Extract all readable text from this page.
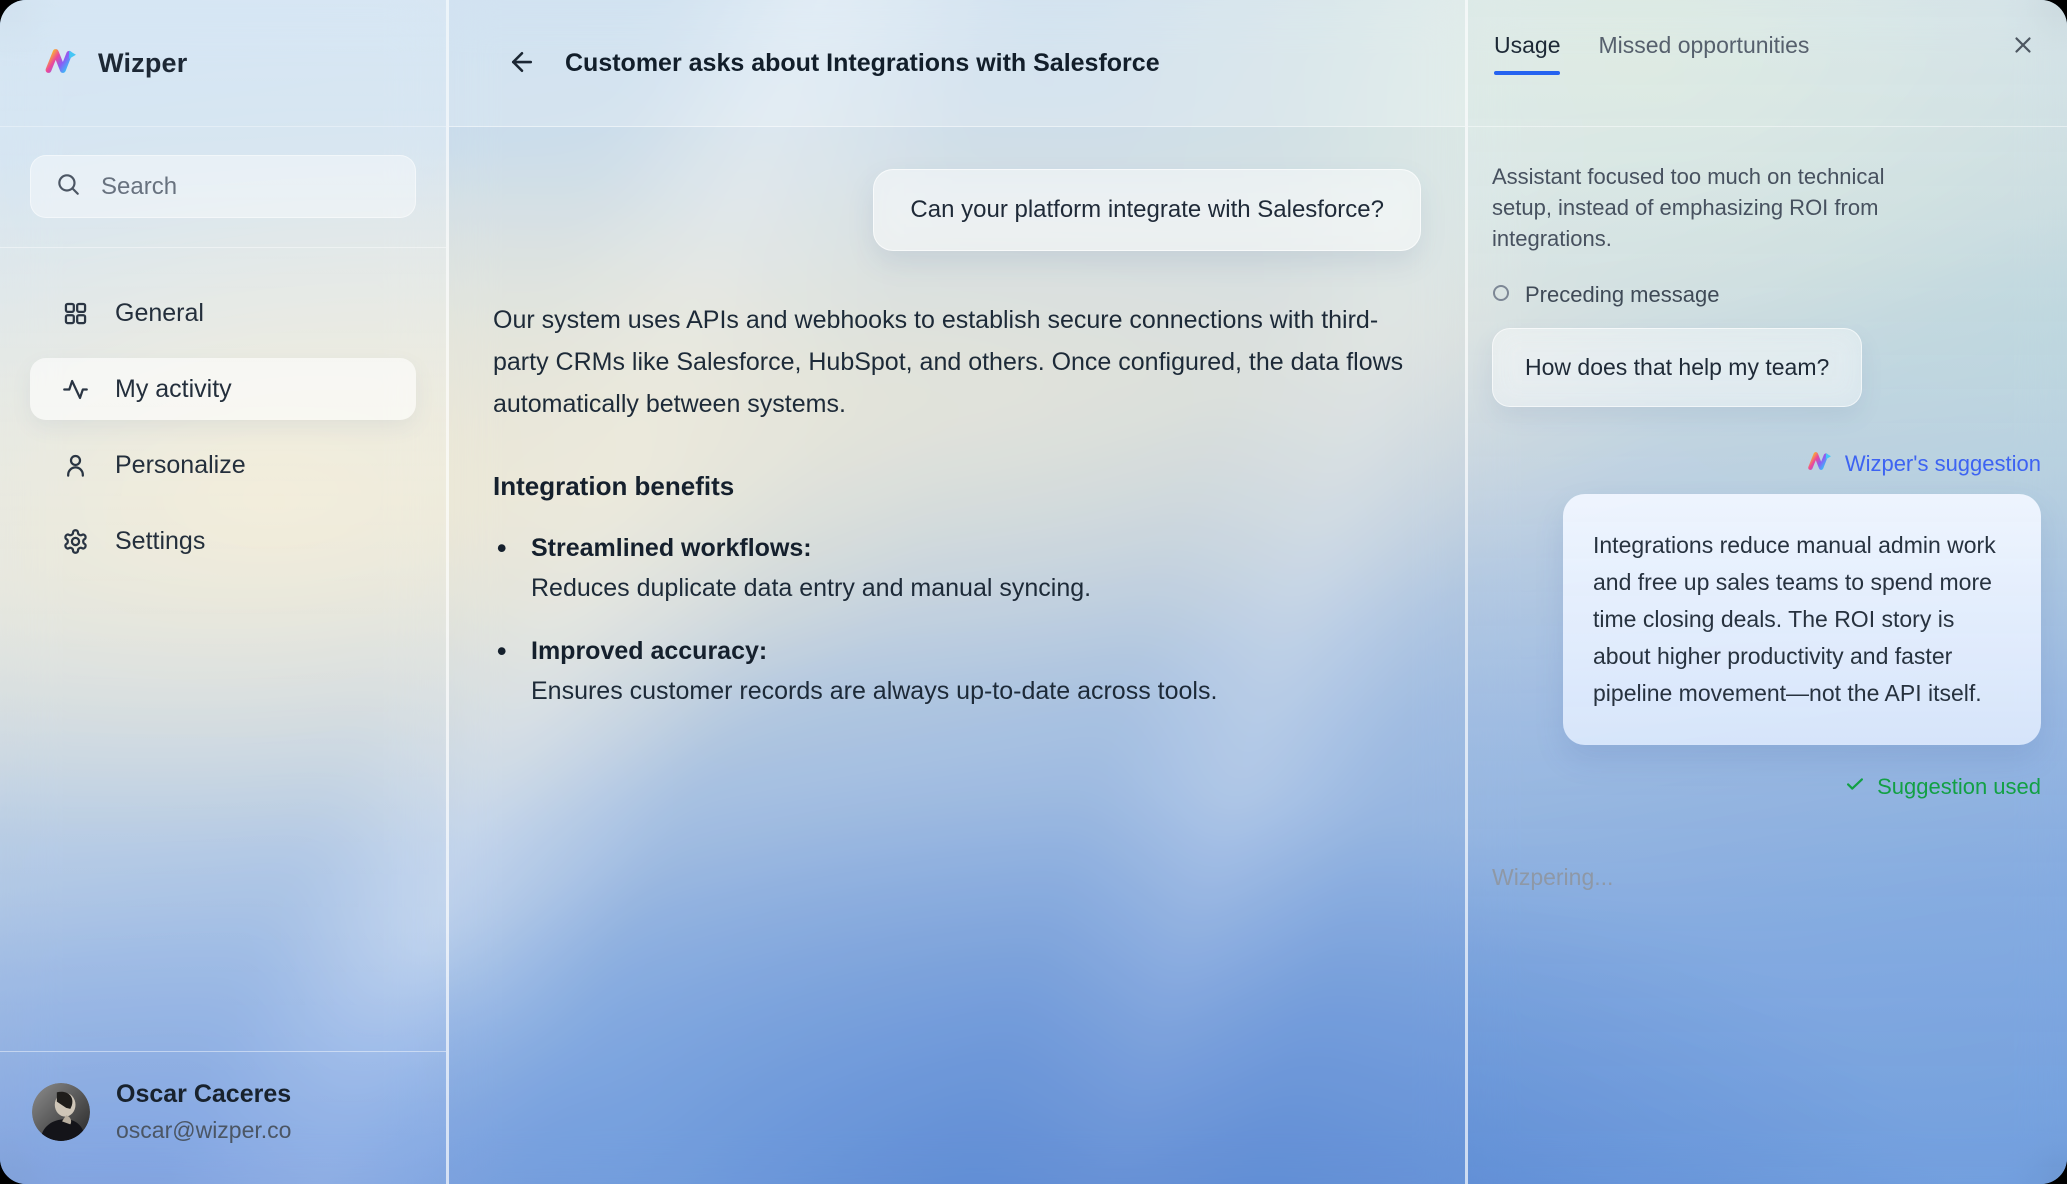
Wizper
Search
General
My activity
Personalize
Settings
Oscar Caceres
oscar@wizper.co
Customer asks about Integrations with Salesforce
Can your platform integrate with Salesforce?

Our system uses APIs and webhooks to establish secure connections with third-party CRMs like Salesforce, HubSpot, and others. Once configured, the data flows automatically between systems.

Integration benefits
• Streamlined workflows:
Reduces duplicate data entry and manual syncing.
• Improved accuracy:
Ensures customer records are always up-to-date across tools.
Usage Missed opportunities

Assistant focused too much on technical setup, instead of emphasizing ROI from integrations.

Preceding message
How does that help my team?
Wizper's suggestion
Integrations reduce manual admin work and free up sales teams to spend more time closing deals. The ROI story is about higher productivity and faster pipeline movement—not the API itself.
Suggestion used
Wizpering...
